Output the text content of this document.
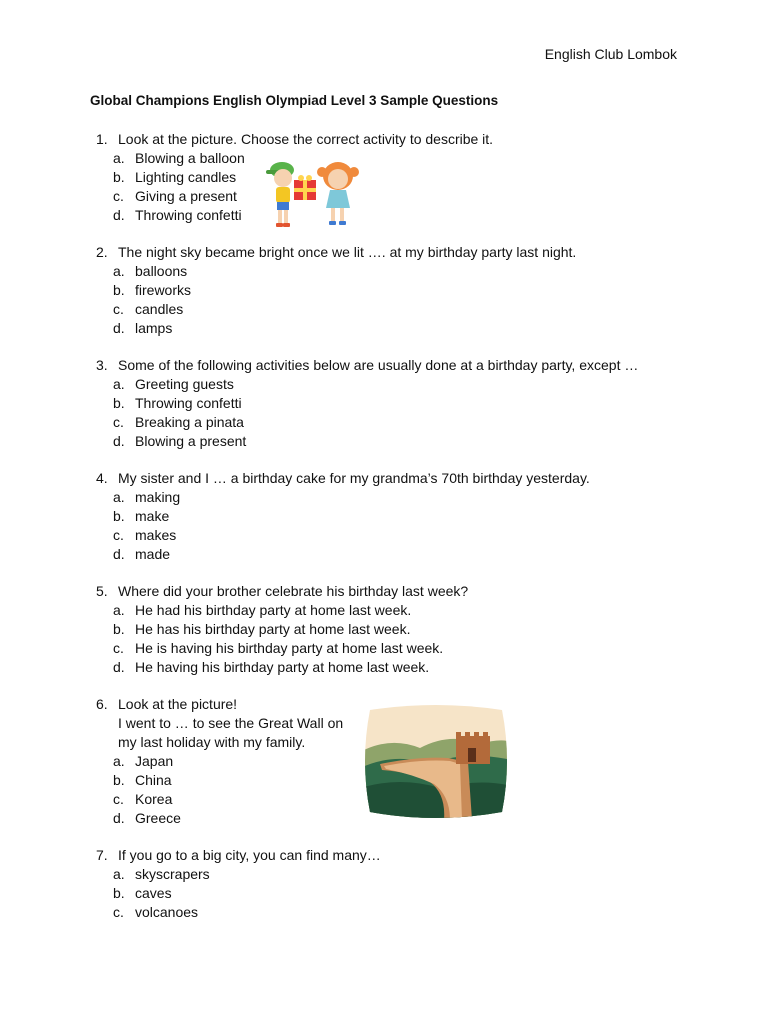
English Club Lombok
Global Champions English Olympiad Level 3 Sample Questions
1. Look at the picture. Choose the correct activity to describe it.
a. Blowing a balloon
b. Lighting candles
c. Giving a present
d. Throwing confetti
2. The night sky became bright once we lit …. at my birthday party last night.
a. balloons
b. fireworks
c. candles
d. lamps
3. Some of the following activities below are usually done at a birthday party, except …
a. Greeting guests
b. Throwing confetti
c. Breaking a pinata
d. Blowing a present
4. My sister and I … a birthday cake for my grandma’s 70th birthday yesterday.
a. making
b. make
c. makes
d. made
5. Where did your brother celebrate his birthday last week?
a. He had his birthday party at home last week.
b. He has his birthday party at home last week.
c. He is having his birthday party at home last week.
d. He having his birthday party at home last week.
6. Look at the picture!
I went to … to see the Great Wall on
my last holiday with my family.
a. Japan
b. China
c. Korea
d. Greece
7. If you go to a big city, you can find many…
a. skyscrapers
b. caves
c. volcanoes
